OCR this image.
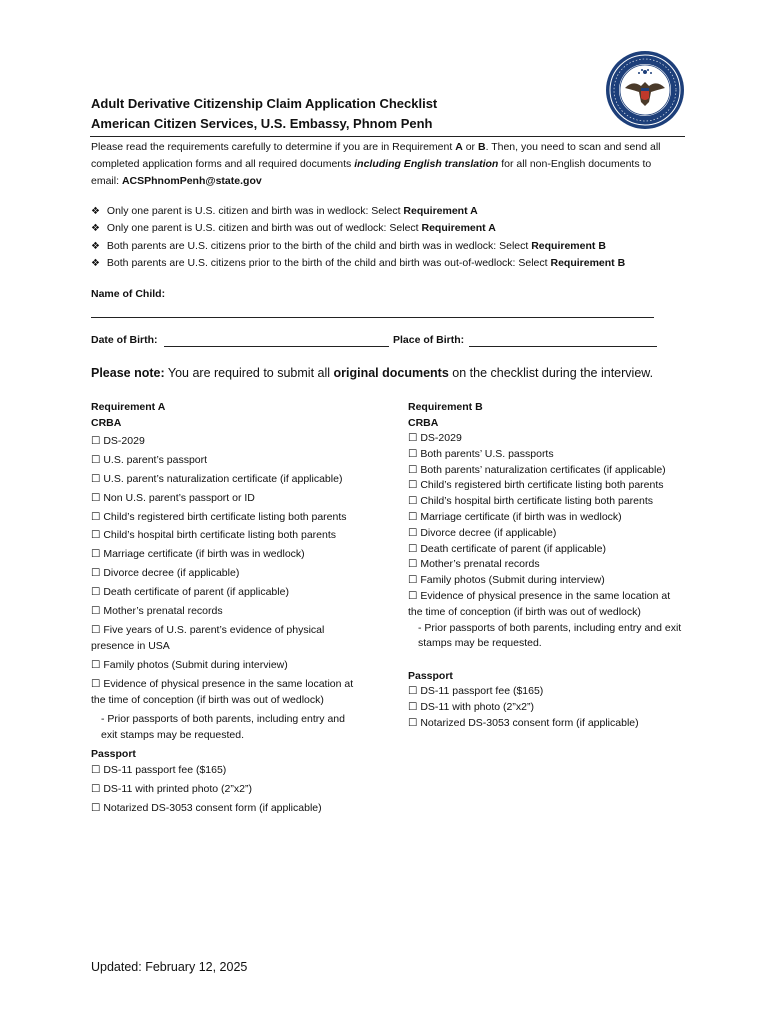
Adult Derivative Citizenship Claim Application Checklist
American Citizen Services, U.S. Embassy, Phnom Penh

Please read the requirements carefully to determine if you are in Requirement A or B. Then, you need to scan and send all completed application forms and all required documents including English translation for all non-English documents to email: ACSPhnomPenh@state.gov

❖ Only one parent is U.S. citizen and birth was in wedlock: Select Requirement A
❖ Only one parent is U.S. citizen and birth was out of wedlock: Select Requirement A
❖ Both parents are U.S. citizens prior to the birth of the child and birth was in wedlock: Select Requirement B
❖ Both parents are U.S. citizens prior to the birth of the child and birth was out-of-wedlock: Select Requirement B
Name of Child:
Date of Birth:	Place of Birth:
Please note: You are required to submit all original documents on the checklist during the interview.
Requirement A
CRBA
☐ DS-2029
☐ U.S. parent’s passport
☐ U.S. parent’s naturalization certificate (if applicable)
☐ Non U.S. parent’s passport or ID
☐ Child’s registered birth certificate listing both parents
☐ Child’s hospital birth certificate listing both parents
☐ Marriage certificate (if birth was in wedlock)
☐ Divorce decree (if applicable)
☐ Death certificate of parent (if applicable)
☐ Mother’s prenatal records
☐ Five years of U.S. parent’s evidence of physical presence in USA
☐ Family photos (Submit during interview)
☐ Evidence of physical presence in the same location at the time of conception (if birth was out of wedlock)
- Prior passports of both parents, including entry and exit stamps may be requested.
Passport
☐ DS-11 passport fee ($165)
☐ DS-11 with printed photo (2”x2”)
☐ Notarized DS-3053 consent form (if applicable)
Requirement B
CRBA
☐ DS-2029
☐ Both parents’ U.S. passports
☐ Both parents’ naturalization certificates (if applicable)
☐ Child’s registered birth certificate listing both parents
☐ Child’s hospital birth certificate listing both parents
☐ Marriage certificate (if birth was in wedlock)
☐ Divorce decree (if applicable)
☐ Death certificate of parent (if applicable)
☐ Mother’s prenatal records
☐ Family photos (Submit during interview)
☐ Evidence of physical presence in the same location at the time of conception (if birth was out of wedlock)
- Prior passports of both parents, including entry and exit stamps may be requested.
Passport
☐ DS-11 passport fee ($165)
☐ DS-11 with photo (2”x2”)
☐ Notarized DS-3053 consent form (if applicable)
Updated: February 12, 2025
